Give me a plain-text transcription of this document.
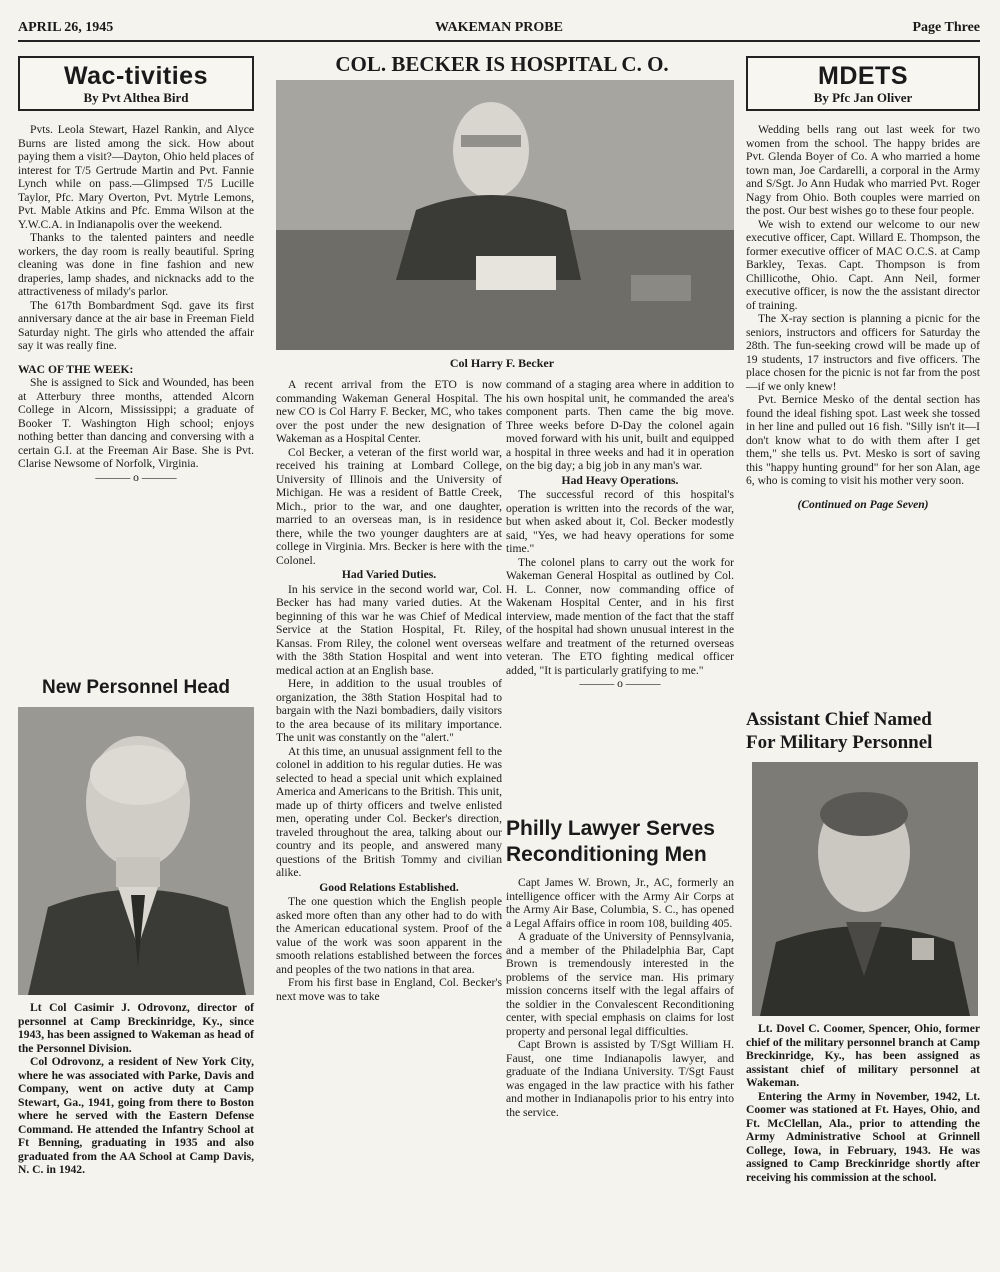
WAKEMAN PROBE
APRIL 26, 1945	Page Three
Wac-tivities
By Pvt Althea Bird

Pvts. Leola Stewart, Hazel Rankin, and Alyce Burns are listed among the sick. How about paying them a visit?—Dayton, Ohio held places of interest for T/5 Gertrude Martin and Pvt. Fannie Lynch while on pass.—Glimpsed T/5 Lucille Taylor, Pfc. Mary Overton, Pvt. Mytrle Lemons, Pvt. Mable Atkins and Pfc. Emma Wilson at the Y.W.C.A. in Indianapolis over the weekend.

Thanks to the talented painters and needle workers, the day room is really beautiful. Spring cleaning was done in fine fashion and new draperies, lamp shades, and nicknacks add to the attractiveness of milady's parlor.

The 617th Bombardment Sqd. gave its first anniversary dance at the air base in Freeman Field Saturday night. The girls who attended the affair say it was really fine.

WAC OF THE WEEK:

She is assigned to Sick and Wounded, has been at Atterbury three months, attended Alcorn College in Alcorn, Mississippi; a graduate of Booker T. Washington High school; enjoys nothing better than dancing and conversing with a certain G.I. at the Freeman Air Base. She is Pvt. Clarise Newsome of Norfolk, Virginia.

——— o ———

New Personnel Head

Lt Col Casimir J. Odrovonz, director of personnel at Camp Breckinridge, Ky., since 1943, has been assigned to Wakeman as head of the Personnel Division.

Col Odrovonz, a resident of New York City, where he was associated with Parke, Davis and Company, went on active duty at Camp Stewart, Ga., 1941, going from there to Boston where he served with the Eastern Defense Command. He attended the Infantry School at Ft Benning, graduating in 1935 and also graduated from the AA School at Camp Davis, N. C. in 1942.

COL. BECKER IS HOSPITAL C. O.
Col Harry F. Becker

A recent arrival from the ETO is now commanding Wakeman General Hospital. The new CO is Col Harry F. Becker, MC, who takes over the post under the new designation of Wakeman as a Hospital Center.

Col Becker, a veteran of the first world war, received his training at Lombard College, University of Illinois and the University of Michigan. He was a resident of Battle Creek, Mich., prior to the war, and one daughter, married to an overseas man, is in residence there, while the two younger daughters are at college in Virginia. Mrs. Becker is here with the Colonel.

Had Varied Duties.

In his service in the second world war, Col. Becker has had many varied duties. At the beginning of this war he was Chief of Medical Service at the Station Hospital, Ft. Riley, Kansas. From Riley, the colonel went overseas with the 38th Station Hospital and went into medical action at an English base.

Here, in addition to the usual troubles of organization, the 38th Station Hospital had to bargain with the Nazi bombadiers, daily visitors to the area because of its military importance. The unit was constantly on the "alert."

At this time, an unusual assignment fell to the colonel in addition to his regular duties. He was selected to head a special unit which explained America and Americans to the British. This unit, made up of thirty officers and twelve enlisted men, operating under Col. Becker's direction, traveled throughout the area, talking about our country and its people, and answered many questions of the British Tommy and civilian alike.

Good Relations Established.

The one question which the English people asked more often than any other had to do with the American educational system. Proof of the value of the work was soon apparent in the smooth relations established between the forces and peoples of the two nations in that area.

From his first base in England, Col. Becker's next move was to take

command of a staging area where in addition to his own hospital unit, he commanded the area's component parts. Then came the big move. Three weeks before D-Day the colonel again moved forward with his unit, built and equipped a hospital in three weeks and had it in operation on the big day; a big job in any man's war.

Had Heavy Operations.

The successful record of this hospital's operation is written into the records of the war, but when asked about it, Col. Becker modestly said, "Yes, we had heavy operations for some time."

The colonel plans to carry out the work for Wakeman General Hospital as outlined by Col. H. L. Conner, now commanding office of Wakenam Hospital Center, and in his first interview, made mention of the fact that the staff of the hospital had shown unusual interest in the welfare and treatment of the returned overseas veteran. The ETO fighting medical officer added, "It is particularly gratifying to me."

——— o ———

Philly Lawyer Serves
Reconditioning Men

Capt James W. Brown, Jr., AC, formerly an intelligence officer with the Army Air Corps at the Army Air Base, Columbia, S. C., has opened a Legal Affairs office in room 108, building 405.

A graduate of the University of Pennsylvania, and a member of the Philadelphia Bar, Capt Brown is tremendously interested in the problems of the service man. His primary mission concerns itself with the legal affairs of the soldier in the Convalescent Reconditioning center, with special emphasis on claims for lost property and personal legal difficulties.

Capt Brown is assisted by T/Sgt William H. Faust, one time Indianapolis lawyer, and graduate of the Indiana University. T/Sgt Faust was engaged in the law practice with his father and mother in Indianapolis prior to his entry into the service.

MDETS
By Pfc Jan Oliver

Wedding bells rang out last week for two women from the school. The happy brides are Pvt. Glenda Boyer of Co. A who married a home town man, Joe Cardarelli, a corporal in the Army and S/Sgt. Jo Ann Hudak who married Pvt. Roger Nagy from Ohio. Both couples were married on the post. Our best wishes go to these four people.

We wish to extend our welcome to our new executive officer, Capt. Willard E. Thompson, the former executive officer of MAC O.C.S. at Camp Barkley, Texas. Capt. Thompson is from Chillicothe, Ohio. Capt. Ann Neil, former executive officer, is now the the assistant director of training.

The X-ray section is planning a picnic for the seniors, instructors and officers for Saturday the 28th. The fun-seeking crowd will be made up of 19 students, 17 instructors and five officers. The place chosen for the picnic is not far from the post—if we only knew!

Pvt. Bernice Mesko of the dental section has found the ideal fishing spot. Last week she tossed in her line and pulled out 16 fish. "Silly isn't it—I don't know what to do with them after I get them," she tells us. Pvt. Mesko is sort of saving this "happy hunting ground" for her son Alan, age 6, who is coming to visit his mother very soon.

(Continued on Page Seven)
Assistant Chief Named
For Military Personnel

Lt. Dovel C. Coomer, Spencer, Ohio, former chief of the military personnel branch at Camp Breckinridge, Ky., has been assigned as assistant chief of military personnel at Wakeman.

Entering the Army in November, 1942, Lt. Coomer was stationed at Ft. Hayes, Ohio, and Ft. McClellan, Ala., prior to attending the Army Administrative School at Grinnell College, Iowa, in February, 1943. He was assigned to Camp Breckinridge shortly after receiving his commission at the school.
